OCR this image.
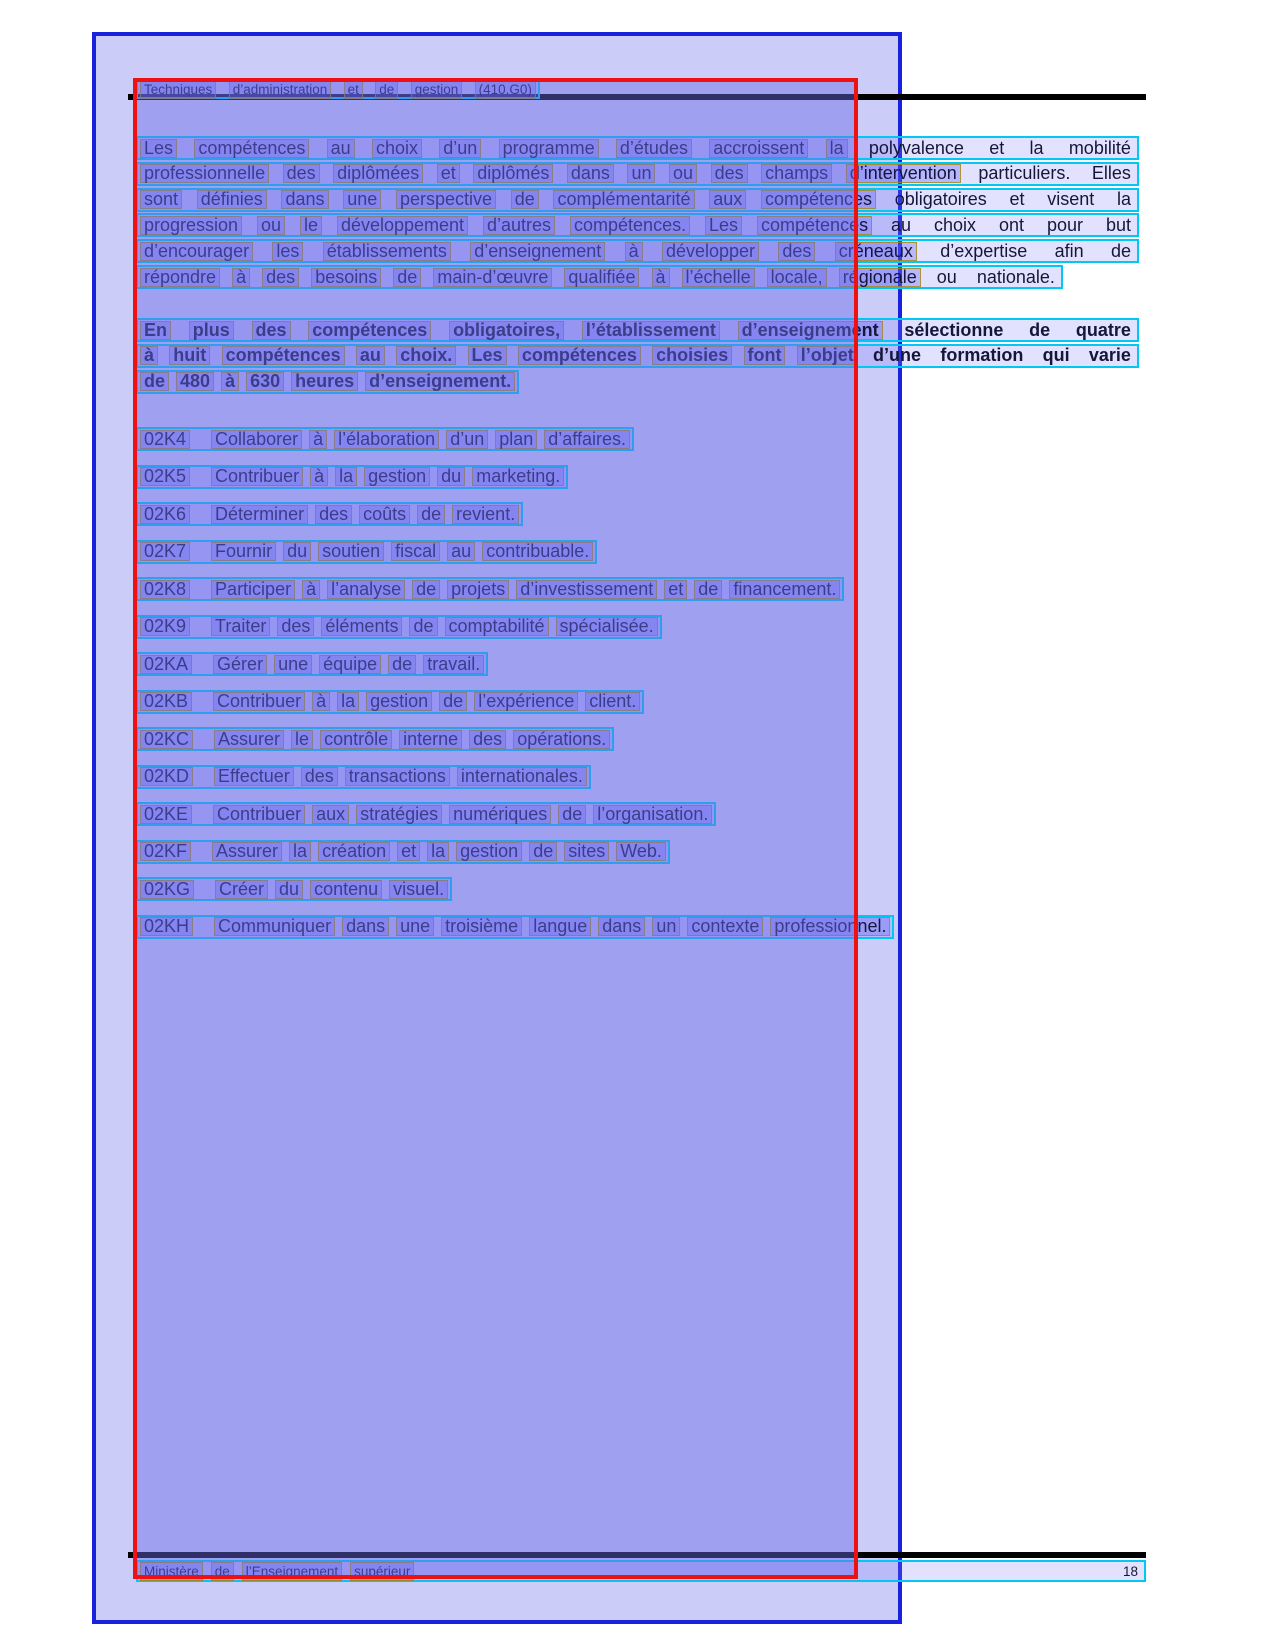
Techniques d’administration et de gestion (410.G0)
Les compétences au choix d’un programme d’études accroissent la polyvalence et la mobilité
professionnelle des diplômées et diplômés dans un ou des champs d’intervention particuliers. Elles
sont définies dans une perspective de complémentarité aux compétences obligatoires et visent la
progression ou le développement d’autres compétences. Les compétences au choix ont pour but
d’encourager les établissements d’enseignement à développer des créneaux d’expertise afin de
répondre à des besoins de main-d’œuvre qualifiée à l’échelle locale, régionale ou nationale.
En plus des compétences obligatoires, l’établissement d’enseignement sélectionne de quatre
à huit compétences au choix. Les compétences choisies font l’objet d’une formation qui varie
de 480 à 630 heures d’enseignement.
02K4 Collaborer à l’élaboration d’un plan d’affaires.
02K5 Contribuer à la gestion du marketing.
02K6 Déterminer des coûts de revient.
02K7 Fournir du soutien fiscal au contribuable.
02K8 Participer à l’analyse de projets d’investissement et de financement.
02K9 Traiter des éléments de comptabilité spécialisée.
02KA Gérer une équipe de travail.
02KB Contribuer à la gestion de l’expérience client.
02KC Assurer le contrôle interne des opérations.
02KD Effectuer des transactions internationales.
02KE Contribuer aux stratégies numériques de l’organisation.
02KF Assurer la création et la gestion de sites Web.
02KG Créer du contenu visuel.
02KH Communiquer dans une troisième langue dans un contexte professionnel.
Ministère de l’Enseignement supérieur	18
